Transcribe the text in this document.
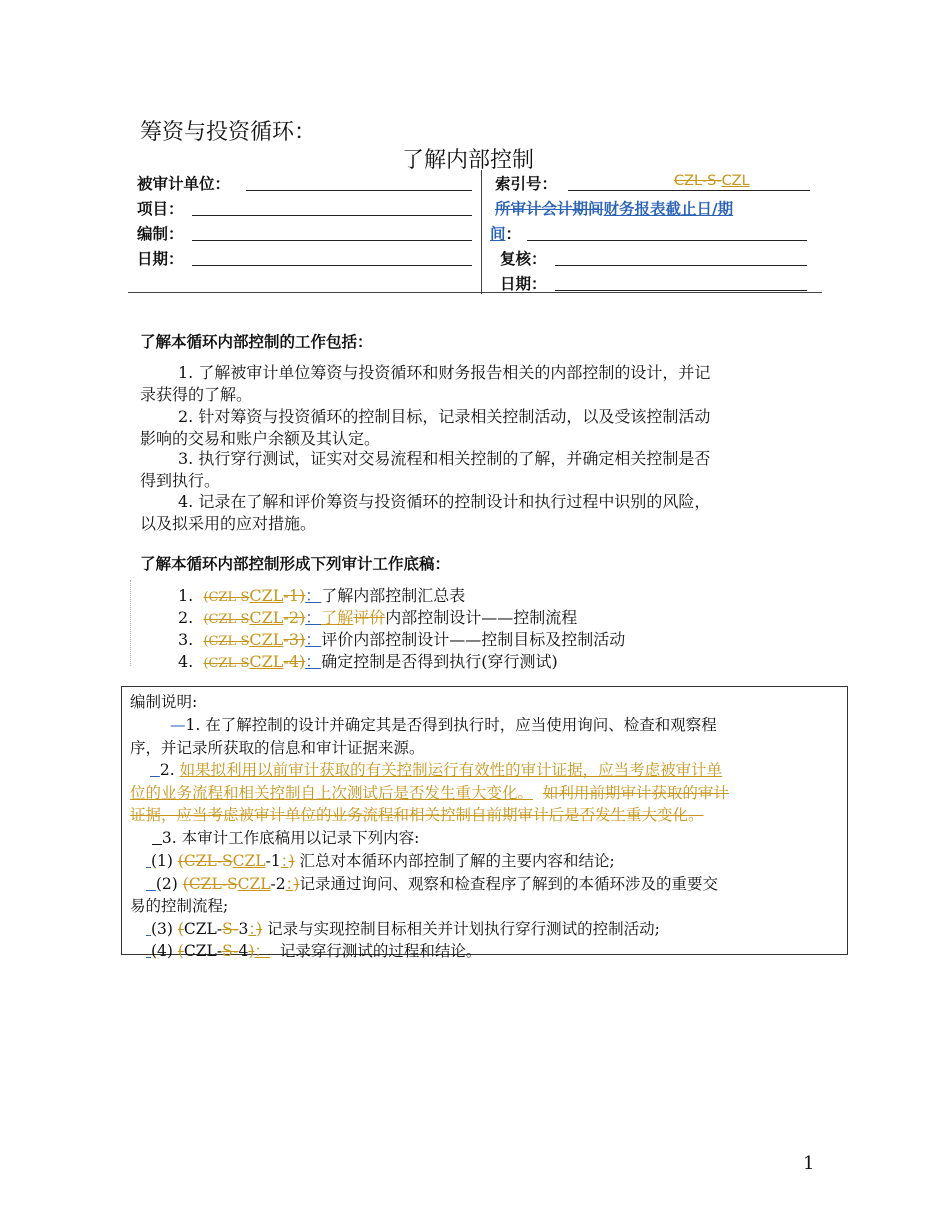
筹资与投资循环：
了解内部控制
被审计单位：
项目：
编制：
日期：
索引号：	CZL-S-CZL
所审计会计期间财务报表截止日/期
间：
复核：
日期：
了解本循环内部控制的工作包括：
1. 了解被审计单位筹资与投资循环和财务报告相关的内部控制的设计，并记
录获得的了解。
2. 针对筹资与投资循环的控制目标，记录相关控制活动，以及受该控制活动
影响的交易和账户余额及其认定。
3. 执行穿行测试，证实对交易流程和相关控制的了解，并确定相关控制是否
得到执行。
4. 记录在了解和评价筹资与投资循环的控制设计和执行过程中识别的风险，
以及拟采用的应对措施。
了解本循环内部控制形成下列审计工作底稿：
1. (CZL-SCZL-1)：了解内部控制汇总表
2. (CZL-SCZL-2)：了解评价内部控制设计——控制流程
3. (CZL-SCZL-3)：评价内部控制设计——控制目标及控制活动
4. (CZL-SCZL-4)：确定控制是否得到执行(穿行测试)
编制说明:
—1. 在了解控制的设计并确定其是否得到执行时，应当使用询问、检查和观察程
序，并记录所获取的信息和审计证据来源。
2. 如果拟利用以前审计获取的有关控制运行有效性的审计证据，应当考虑被审计单
位的业务流程和相关控制自上次测试后是否发生重大变化。 如利用前期审计获取的审计
证据，应当考虑被审计单位的业务流程和相关控制自前期审计后是否发生重大变化。
3. 本审计工作底稿用以记录下列内容:
(1) (CZL-SCZL-1：) 汇总对本循环内部控制了解的主要内容和结论;
(2) (CZL-SCZL-2：)记录通过询问、观察和检查程序了解到的本循环涉及的重要交
易的控制流程;
(3) (CZL-S-3：) 记录与实现控制目标相关并计划执行穿行测试的控制活动;
(4) (CZL-S-4)： 记录穿行测试的过程和结论。
1
